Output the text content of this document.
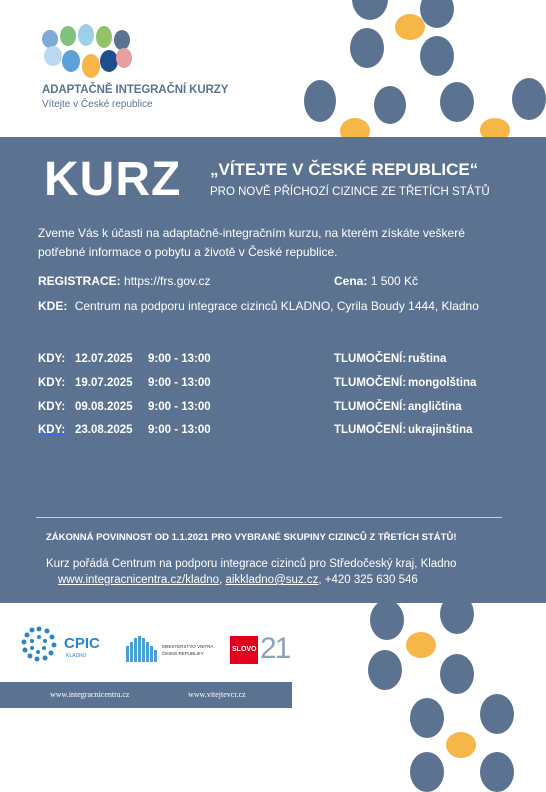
ADAPTAČNĚ INTEGRAČNÍ KURZY
Vítejte v České republice
KURZ „VÍTEJTE V ČESKÉ REPUBLICE“
PRO NOVĚ PŘÍCHOZÍ CIZINCE ZE TŘETÍCH STÁTŮ
Zveme Vás k účasti na adaptačně-integračním kurzu, na kterém získáte veškeré
potřebné informace o pobytu a životě v České republice.
REGISTRACE: https://frs.gov.cz	Cena: 1 500 Kč
KDE: Centrum na podporu integrace cizinců KLADNO, Cyrila Boudy 1444, Kladno
KDY: 12.07.2025 9:00 - 13:00	TLUMOČENÍ: ruština
KDY: 19.07.2025 9:00 - 13:00	TLUMOČENÍ: mongolština
KDY: 09.08.2025 9:00 - 13:00	TLUMOČENÍ: angličtina
KDY: 23.08.2025 9:00 - 13:00	TLUMOČENÍ: ukrajinština
ZÁKONNÁ POVINNOST OD 1.1.2021 PRO VYBRANÉ SKUPINY CIZINCŮ Z TŘETÍCH STÁTŮ!
Kurz pořádá Centrum na podporu integrace cizinců pro Středočeský kraj, Kladno
www.integracnicentra.cz/kladno, aikkladno@suz.cz, +420 325 630 546
CPIC
KLADNO
MINISTERSTVO VNITRA
ČESKÉ REPUBLIKY
SLOVO 21
www.integracnicentra.cz	www.vitejtevcr.cz
